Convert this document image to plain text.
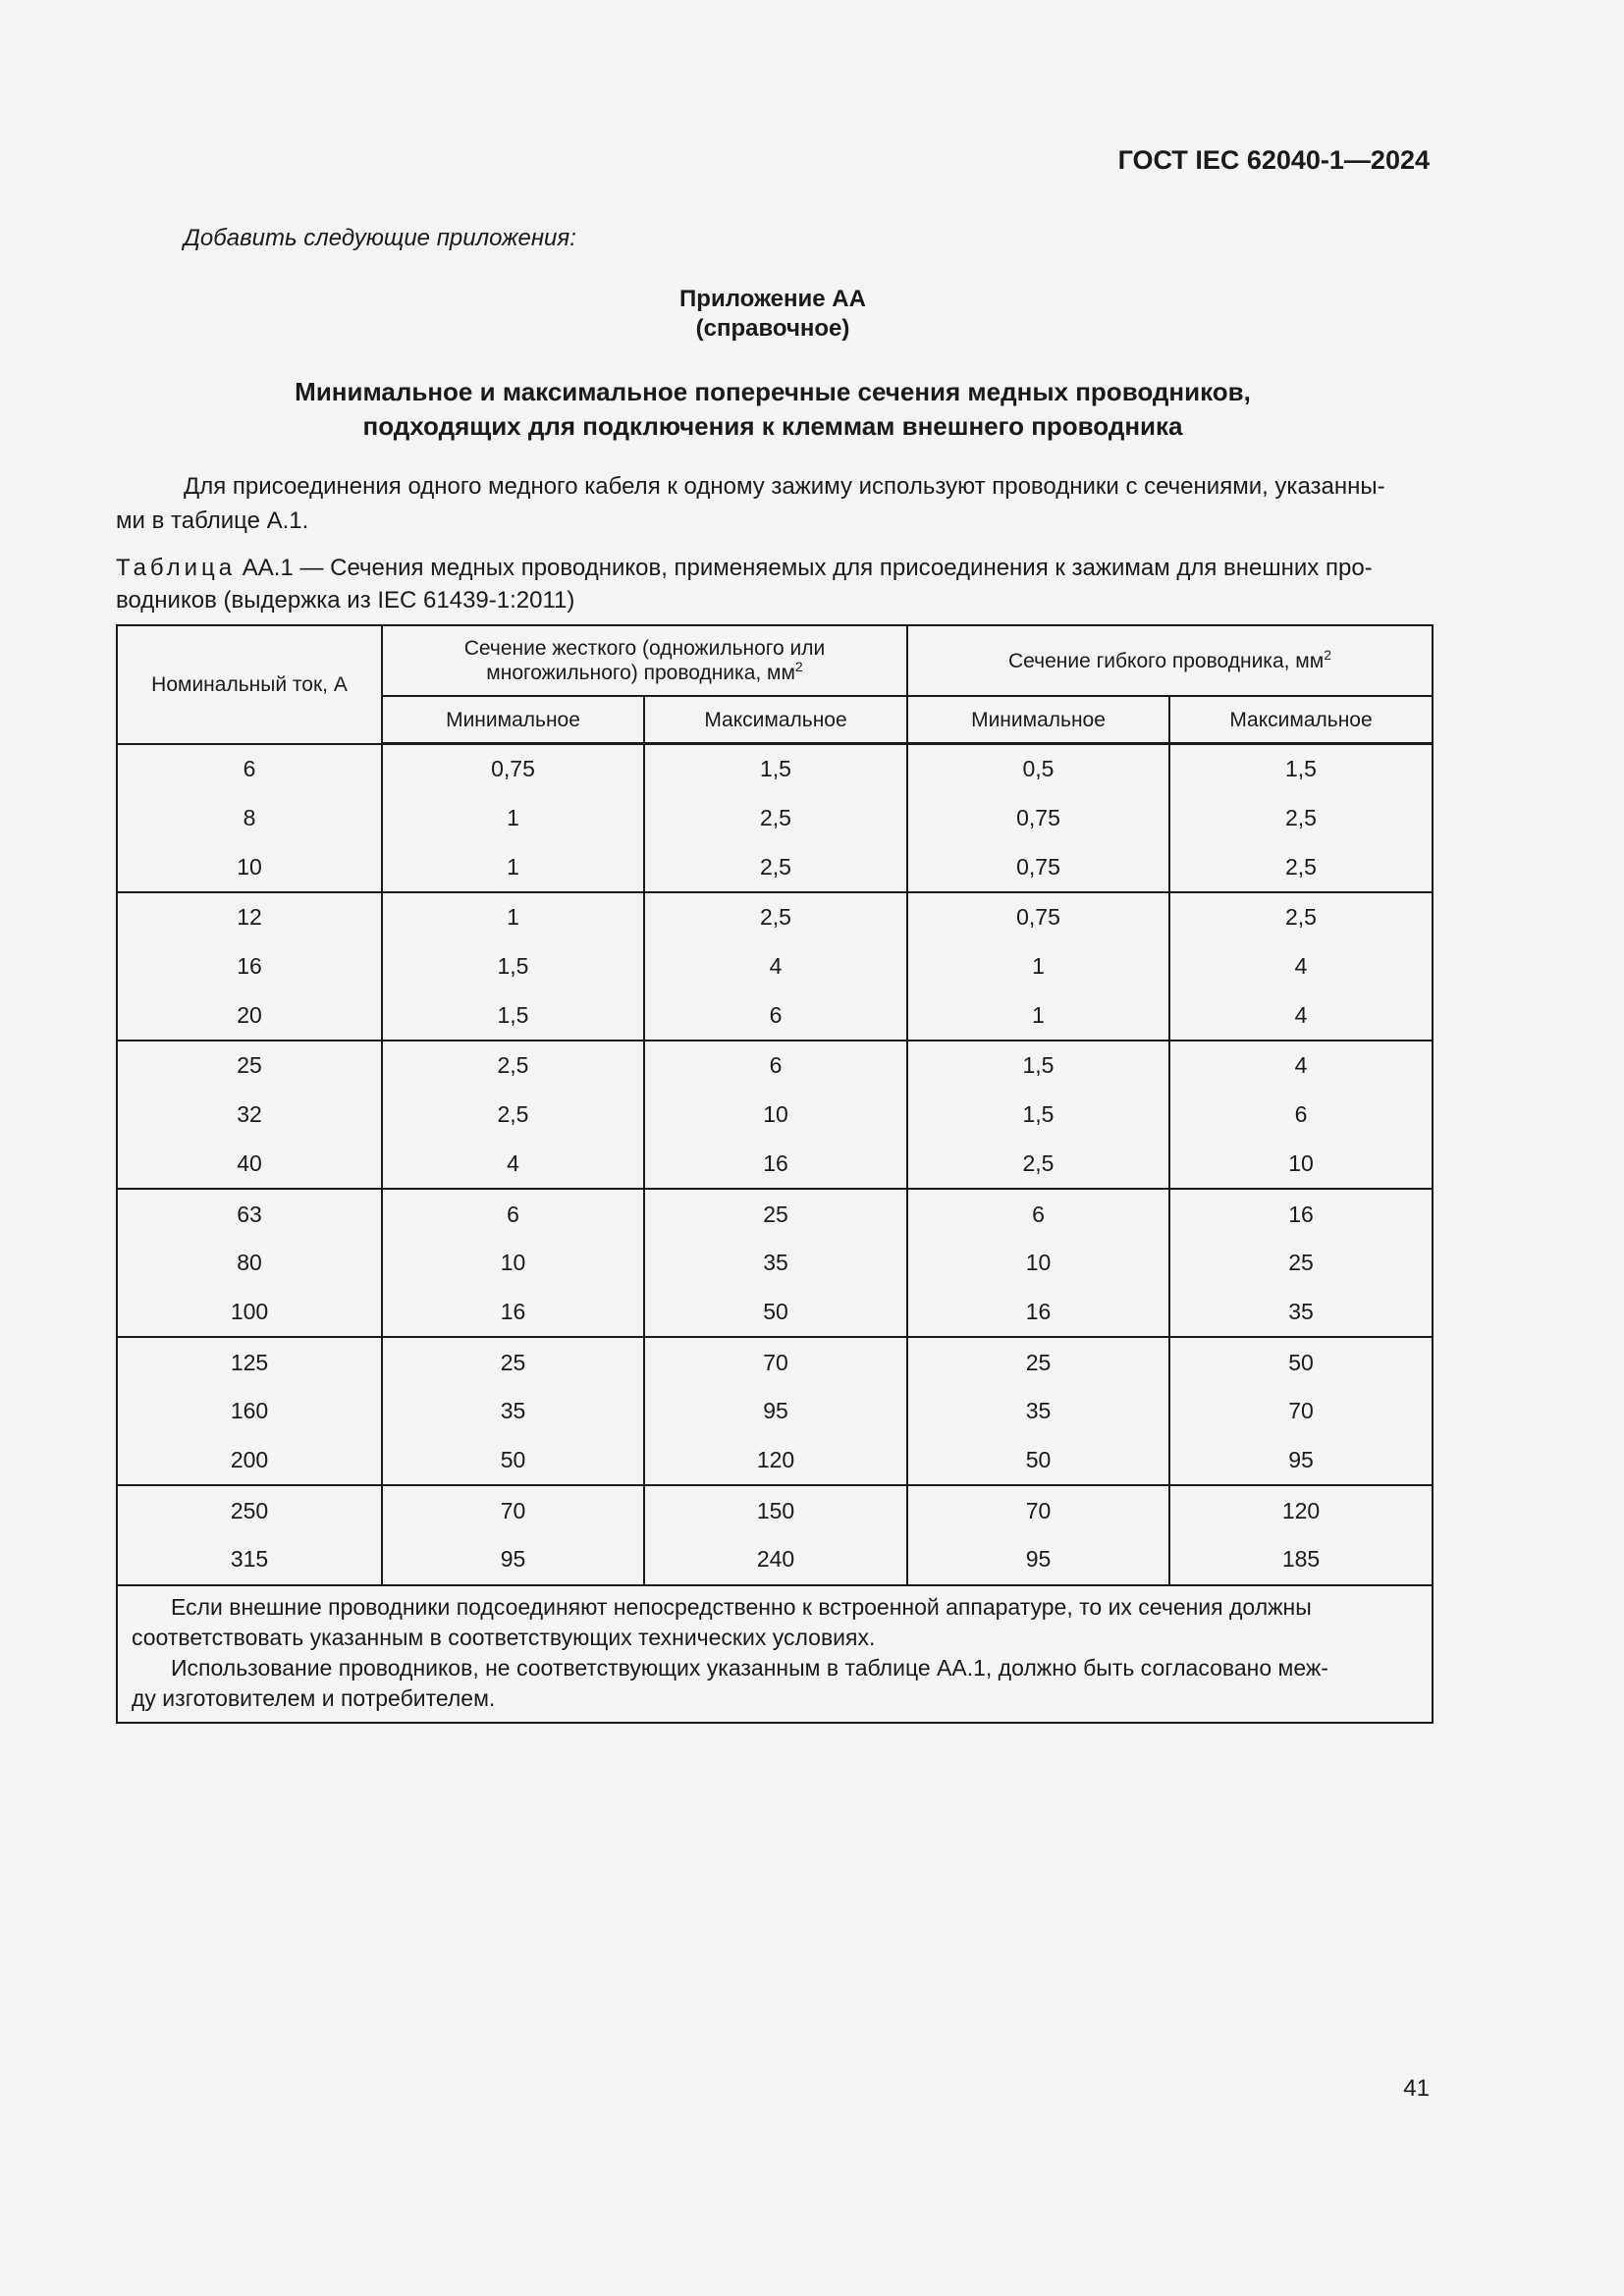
ГОСТ IEC 62040-1—2024
Добавить следующие приложения:
Приложение АА
(справочное)
Минимальное и максимальное поперечные сечения медных проводников,
подходящих для подключения к клеммам внешнего проводника
Для присоединения одного медного кабеля к одному зажиму используют проводники с сечениями, указанны-
ми в таблице А.1.
Таблица АА.1 — Сечения медных проводников, применяемых для присоединения к зажимам для внешних про-
водников (выдержка из IEC 61439-1:2011)
Номинальный ток, А	Сечение жесткого (одножильного или многожильного) проводника, $мм^2$		Сечение гибкого проводника, $мм^2$
	Минимальное	Максимальное	Минимальное	Максимальное
6	0,75	1,5	0,5	1,5
8	1	2,5	0,75	2,5
10	1	2,5	0,75	2,5
12	1	2,5	0,75	2,5
16	1,5	4	1	4
20	1,5	6	1	4
25	2,5	6	1,5	4
32	2,5	10	1,5	6
40	4	16	2,5	10
63	6	25	6	16
80	10	35	10	25
100	16	50	16	35
125	25	70	25	50
160	35	95	35	70
200	50	120	50	95
250	70	150	70	120
315	95	240	95	185

Если внешние проводники подсоединяют непосредственно к встроенной аппаратуре, то их сечения должны
соответствовать указанным в соответствующих технических условиях.
Использование проводников, не соответствующих указанным в таблице АА.1, должно быть согласовано меж-
ду изготовителем и потребителем.				
41
